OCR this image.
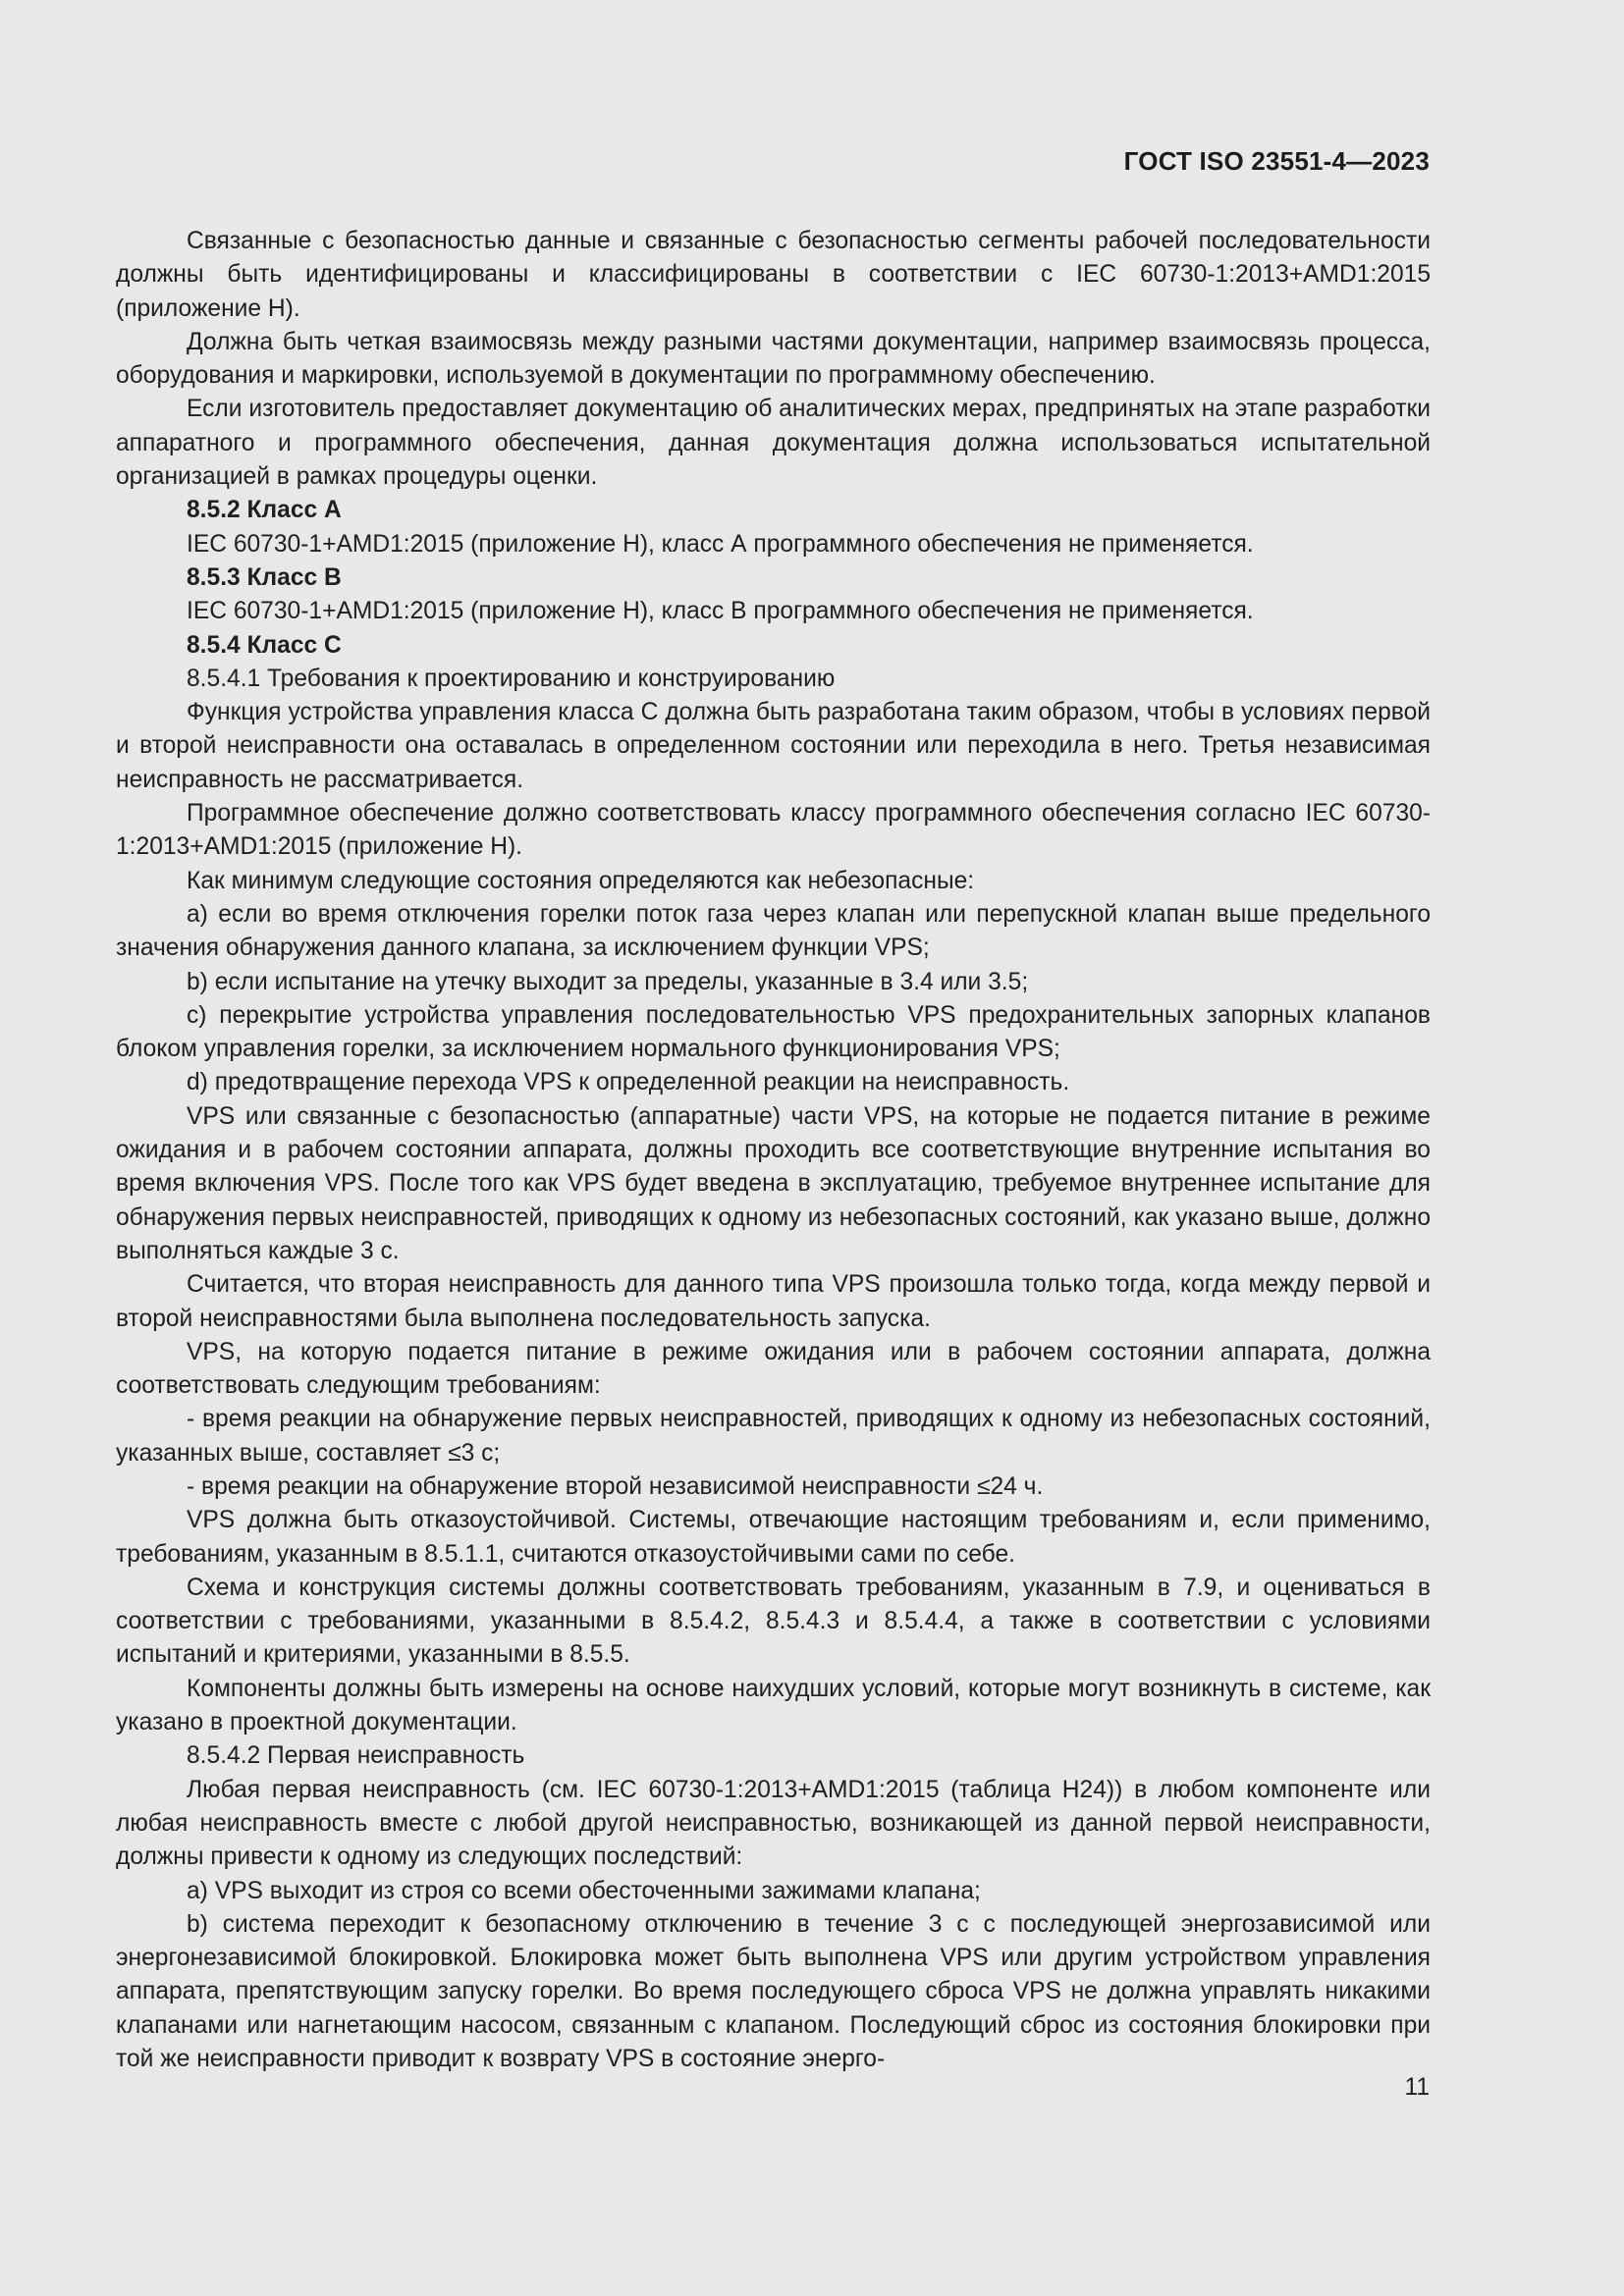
ГОСТ ISO 23551-4—2023

Связанные с безопасностью данные и связанные с безопасностью сегменты рабочей последовательности должны быть идентифицированы и классифицированы в соответствии с IEC 60730-1:2013+AMD1:2015 (приложение Н).

Должна быть четкая взаимосвязь между разными частями документации, например взаимосвязь процесса, оборудования и маркировки, используемой в документации по программному обеспечению.

Если изготовитель предоставляет документацию об аналитических мерах, предпринятых на этапе разработки аппаратного и программного обеспечения, данная документация должна использоваться испытательной организацией в рамках процедуры оценки.

8.5.2 Класс А

IEC 60730-1+AMD1:2015 (приложение Н), класс А программного обеспечения не применяется.

8.5.3 Класс В

IEC 60730-1+AMD1:2015 (приложение Н), класс В программного обеспечения не применяется.

8.5.4 Класс С

8.5.4.1 Требования к проектированию и конструированию

Функция устройства управления класса С должна быть разработана таким образом, чтобы в условиях первой и второй неисправности она оставалась в определенном состоянии или переходила в него. Третья независимая неисправность не рассматривается.

Программное обеспечение должно соответствовать классу программного обеспечения согласно IEC 60730-1:2013+AMD1:2015 (приложение Н).

Как минимум следующие состояния определяются как небезопасные:

a) если во время отключения горелки поток газа через клапан или перепускной клапан выше предельного значения обнаружения данного клапана, за исключением функции VPS;

b) если испытание на утечку выходит за пределы, указанные в 3.4 или 3.5;

c) перекрытие устройства управления последовательностью VPS предохранительных запорных клапанов блоком управления горелки, за исключением нормального функционирования VPS;

d) предотвращение перехода VPS к определенной реакции на неисправность.

VPS или связанные с безопасностью (аппаратные) части VPS, на которые не подается питание в режиме ожидания и в рабочем состоянии аппарата, должны проходить все соответствующие внутренние испытания во время включения VPS. После того как VPS будет введена в эксплуатацию, требуемое внутреннее испытание для обнаружения первых неисправностей, приводящих к одному из небезопасных состояний, как указано выше, должно выполняться каждые 3 с.

Считается, что вторая неисправность для данного типа VPS произошла только тогда, когда между первой и второй неисправностями была выполнена последовательность запуска.

VPS, на которую подается питание в режиме ожидания или в рабочем состоянии аппарата, должна соответствовать следующим требованиям:

- время реакции на обнаружение первых неисправностей, приводящих к одному из небезопасных состояний, указанных выше, составляет ≤3 с;

- время реакции на обнаружение второй независимой неисправности ≤24 ч.

VPS должна быть отказоустойчивой. Системы, отвечающие настоящим требованиям и, если применимо, требованиям, указанным в 8.5.1.1, считаются отказоустойчивыми сами по себе.

Схема и конструкция системы должны соответствовать требованиям, указанным в 7.9, и оцениваться в соответствии с требованиями, указанными в 8.5.4.2, 8.5.4.3 и 8.5.4.4, а также в соответствии с условиями испытаний и критериями, указанными в 8.5.5.

Компоненты должны быть измерены на основе наихудших условий, которые могут возникнуть в системе, как указано в проектной документации.

8.5.4.2 Первая неисправность

Любая первая неисправность (см. IEC 60730-1:2013+AMD1:2015 (таблица Н24)) в любом компоненте или любая неисправность вместе с любой другой неисправностью, возникающей из данной первой неисправности, должны привести к одному из следующих последствий:

a) VPS выходит из строя со всеми обесточенными зажимами клапана;

b) система переходит к безопасному отключению в течение 3 с с последующей энергозависимой или энергонезависимой блокировкой. Блокировка может быть выполнена VPS или другим устройством управления аппарата, препятствующим запуску горелки. Во время последующего сброса VPS не должна управлять никакими клапанами или нагнетающим насосом, связанным с клапаном. Последующий сброс из состояния блокировки при той же неисправности приводит к возврату VPS в состояние энерго-

11
